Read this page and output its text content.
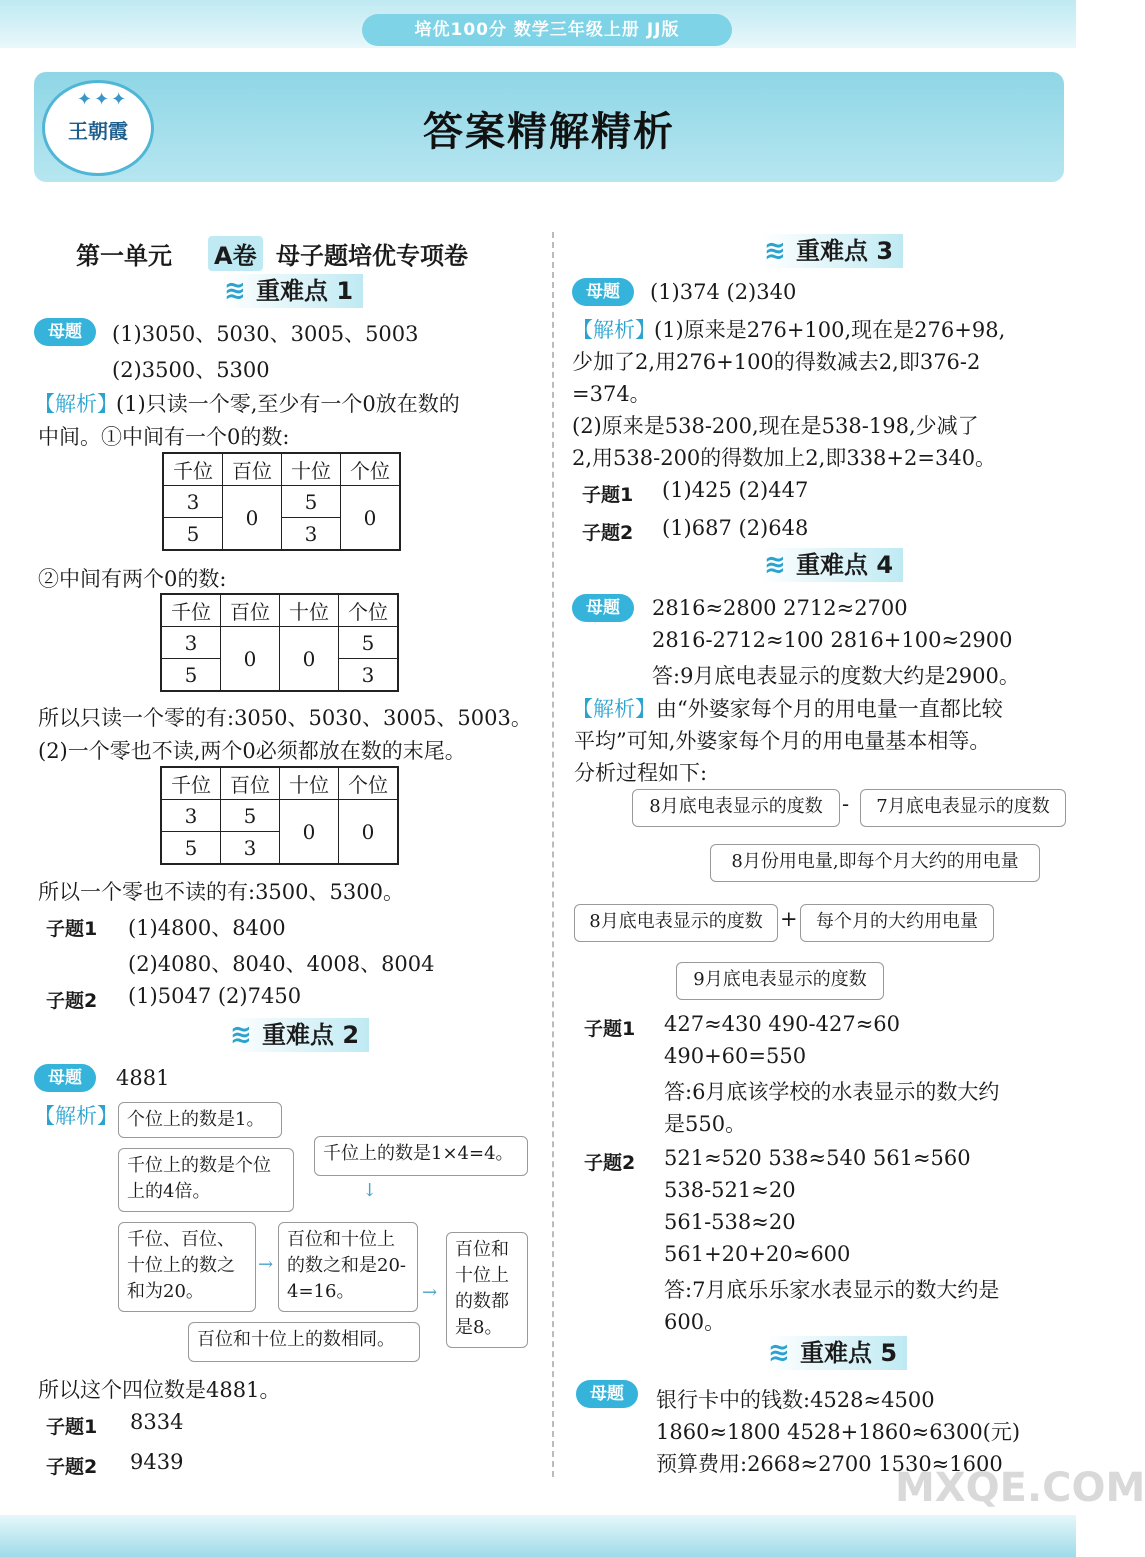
培优100分 数学三年级上册 JJ版
✦✦✦
王朝霞	答案精解精析
第一单元 A卷 母子题培优专项卷
≋ 重难点 1
母题	(1)3050、5030、3005、5003
(2)3500、5300
【解析】
(1)只读一个零,至少有一个0放在数的
中间。①中间有一个0的数:
千位	百位	十位	个位
3	0	5	0
5		3	
②中间有两个0的数:
千位	百位	十位	个位
3	0	0	5
5			3
所以只读一个零的有:3050、5030、3005、5003。
(2)一个零也不读,两个0必须都放在数的末尾。
千位	百位	十位	个位
3	5	0	0
5	3		
所以一个零也不读的有:3500、5300。
子题1 (1)4800、8400
(2)4080、8040、4008、8004
子题2 (1)5047 (2)7450
≋ 重难点 2
母题	4881
【解析】 个位上的数是1。
千位上的数是个位上的4倍。
千位上的数是1×4=4。
↓
千位、百位、十位上的数之和为20。
→
百位和十位上的数之和是20-4=16。	→
百位和十位上的数都是8。
百位和十位上的数相同。
所以这个四位数是4881。
子题1 8334
子题2 9439
≋ 重难点 3
母题	(1)374 (2)340
【解析】
(1)原来是276+100,现在是276+98,
少加了2,用276+100的得数减去2,即376-2
=374。
(2)原来是538-200,现在是538-198,少减了
2,用538-200的得数加上2,即338+2=340。
子题1 (1)425 (2)447
子题2 (1)687 (2)648
≋ 重难点 4
母题	2816≈2800 2712≈2700
2816-2712≈100 2816+100≈2900
答:9月底电表显示的度数大约是2900。
【解析】 由“外婆家每个月的用电量一直都比较
平均”可知,外婆家每个月的用电量基本相等。
分析过程如下:
8月底电表显示的度数 -	7月底电表显示的度数
8月份用电量,即每个月大约的用电量
8月底电表显示的度数 +	每个月的大约用电量
9月底电表显示的度数
子题1 427≈430 490-427≈60
490+60=550
答:6月底该学校的水表显示的数大约
是550。
子题2 521≈520 538≈540 561≈560
538-521≈20
561-538≈20
561+20+20≈600
答:7月底乐乐家水表显示的数大约是
600。
≋ 重难点 5
母题	银行卡中的钱数:4528≈4500
1860≈1800 4528+1860≈6300(元)
预算费用:2668≈2700 1530≈1600
MXQE.COM
